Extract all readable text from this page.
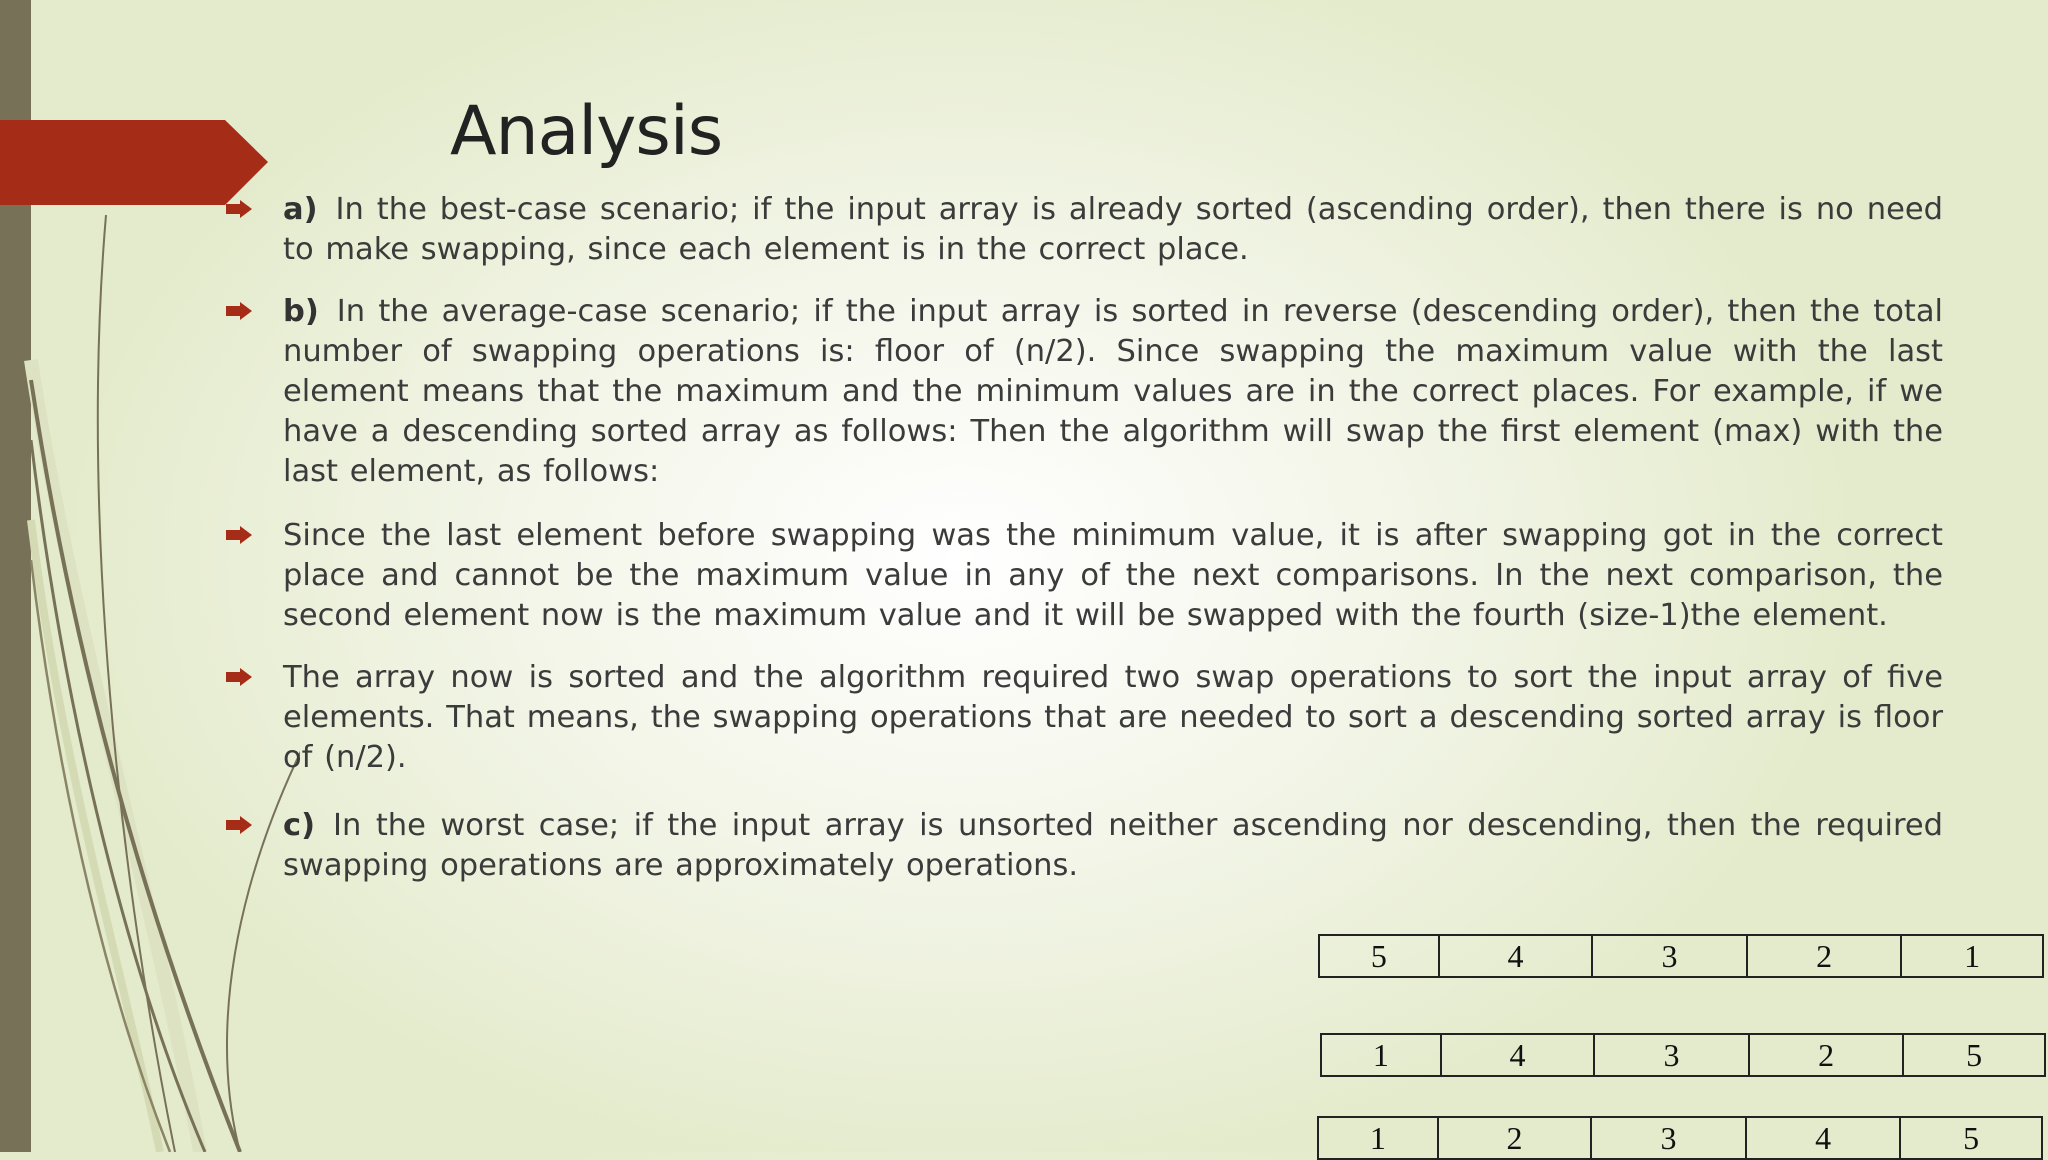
Analysis
a) In the best-case scenario; if the input array is already sorted (ascending order), then there is no need to make swapping, since each element is in the correct place.
b) In the average-case scenario; if the input array is sorted in reverse (descending order), then the total number of swapping operations is: floor of (n/2). Since swapping the maximum value with the last element means that the maximum and the minimum values are in the correct places. For example, if we have a descending sorted array as follows: Then the algorithm will swap the first element (max) with the last element, as follows:
Since the last element before swapping was the minimum value, it is after swapping got in the correct place and cannot be the maximum value in any of the next comparisons. In the next comparison, the second element now is the maximum value and it will be swapped with the fourth (size-1)the element.
The array now is sorted and the algorithm required two swap operations to sort the input array of five elements. That means, the swapping operations that are needed to sort a descending sorted array is floor of (n/2).
c) In the worst case; if the input array is unsorted neither ascending nor descending, then the required swapping operations are approximately operations.
5	4	3	2	1
1	4	3	2	5
1	2	3	4	5
